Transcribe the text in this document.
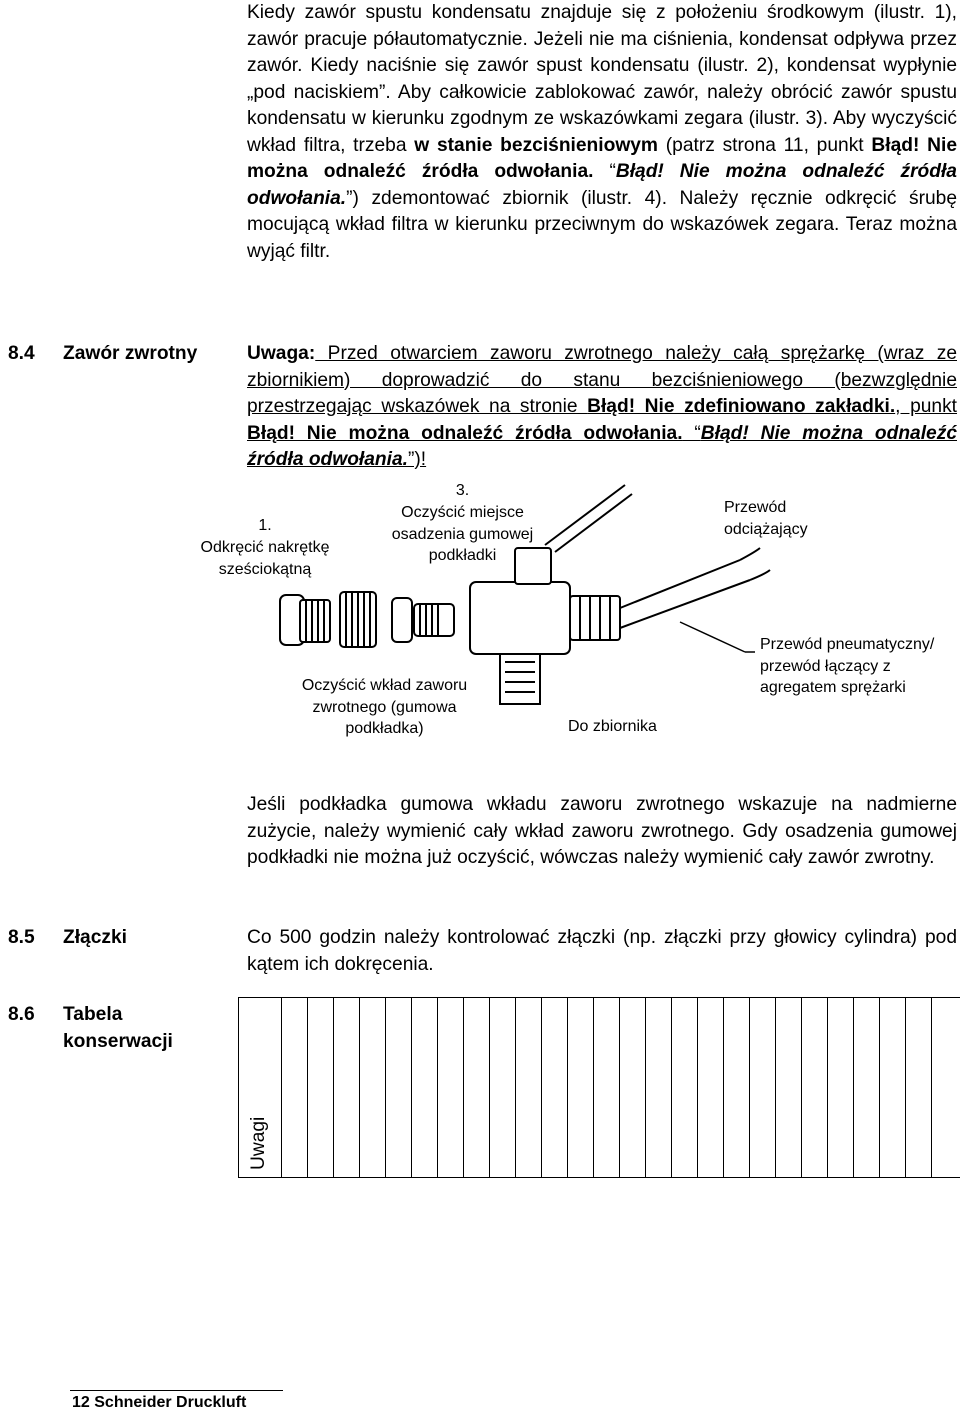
Kiedy zawór spustu kondensatu znajduje się z położeniu środkowym (ilustr. 1), zawór pracuje półautomatycznie. Jeżeli nie ma ciśnienia, kondensat odpływa przez zawór. Kiedy naciśnie się zawór spust kondensatu (ilustr. 2), kondensat wypłynie „pod naciskiem”. Aby całkowicie zablokować zawór, należy obrócić zawór spustu kondensatu w kierunku zgodnym ze wskazówkami zegara (ilustr. 3). Aby wyczyścić wkład filtra, trzeba w stanie bezciśnieniowym (patrz strona 11, punkt Błąd! Nie można odnaleźć źródła odwołania. “Błąd! Nie można odnaleźć źródła odwołania.”) zdemontować zbiornik (ilustr. 4). Należy ręcznie odkręcić śrubę mocującą wkład filtra w kierunku przeciwnym do wskazówek zegara. Teraz można wyjąć filtr.
8.4 Zawór zwrotny	Uwaga: Przed otwarciem zaworu zwrotnego należy całą sprężarkę (wraz ze zbiornikiem) doprowadzić do stanu bezciśnieniowego (bezwzględnie przestrzegając wskazówek na stronie Błąd! Nie zdefiniowano zakładki., punkt Błąd! Nie można odnaleźć źródła odwołania. “Błąd! Nie można odnaleźć źródła odwołania.”)!
1.
Odkręcić nakrętkę sześciokątną
3.
Oczyścić miejsce osadzenia gumowej podkładki
Przewód odciążający
Przewód pneumatyczny/ przewód łączący z agregatem sprężarki
Oczyścić wkład zaworu zwrotnego (gumowa podkładka)	Do zbiornika
Jeśli podkładka gumowa wkładu zaworu zwrotnego wskazuje na nadmierne zużycie, należy wymienić cały wkład zaworu zwrotnego. Gdy osadzenia gumowej podkładki nie można już oczyścić, wówczas należy wymienić cały zawór zwrotny.
8.5 Złączki	Co 500 godzin należy kontrolować złączki (np. złączki przy głowicy cylindra) pod kątem ich dokręcenia.
8.6 Tabela
konserwacji
Uwagi
12 Schneider Druckluft
